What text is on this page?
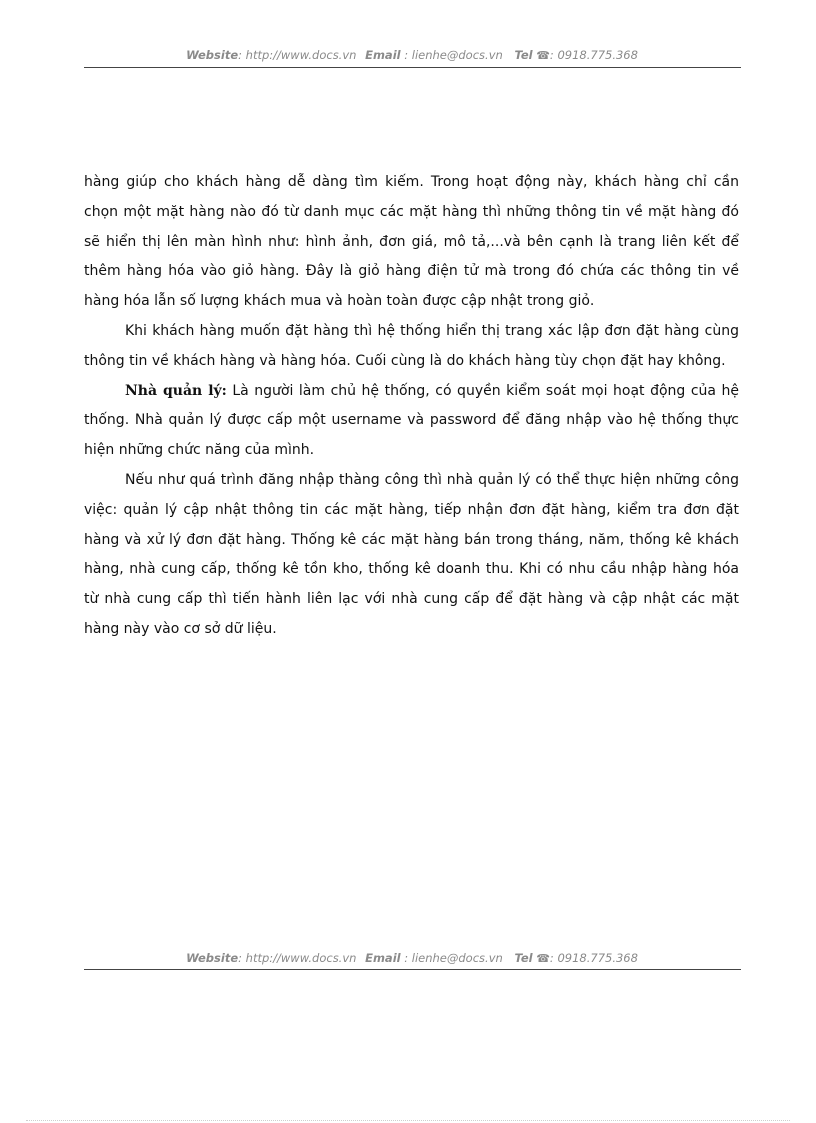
Website: http://www.docs.vn Email : lienhe@docs.vn Tel ☎: 0918.775.368
hàng giúp cho khách hàng dễ dàng tìm kiếm. Trong hoạt động này, khách hàng chỉ cần
chọn một mặt hàng nào đó từ danh mục các mặt hàng thì những thông tin về mặt hàng đó
sẽ hiển thị lên màn hình như: hình ảnh, đơn giá, mô tả,...và bên cạnh là trang liên kết để
thêm hàng hóa vào giỏ hàng. Đây là giỏ hàng điện tử mà trong đó chứa các thông tin về
hàng hóa lẫn số lượng khách mua và hoàn toàn được cập nhật trong giỏ.
Khi khách hàng muốn đặt hàng thì hệ thống hiển thị trang xác lập đơn đặt hàng cùng
thông tin về khách hàng và hàng hóa. Cuối cùng là do khách hàng tùy chọn đặt hay không.
Nhà quản lý: Là người làm chủ hệ thống, có quyền kiểm soát mọi hoạt động của hệ
thống. Nhà quản lý được cấp một username và password để đăng nhập vào hệ thống thực
hiện những chức năng của mình.
Nếu như quá trình đăng nhập thàng công thì nhà quản lý có thể thực hiện những công
việc: quản lý cập nhật thông tin các mặt hàng, tiếp nhận đơn đặt hàng, kiểm tra đơn đặt
hàng và xử lý đơn đặt hàng. Thống kê các mặt hàng bán trong tháng, năm, thống kê khách
hàng, nhà cung cấp, thống kê tồn kho, thống kê doanh thu. Khi có nhu cầu nhập hàng hóa
từ nhà cung cấp thì tiến hành liên lạc với nhà cung cấp để đặt hàng và cập nhật các mặt
hàng này vào cơ sở dữ liệu.
Website: http://www.docs.vn Email : lienhe@docs.vn Tel ☎: 0918.775.368
